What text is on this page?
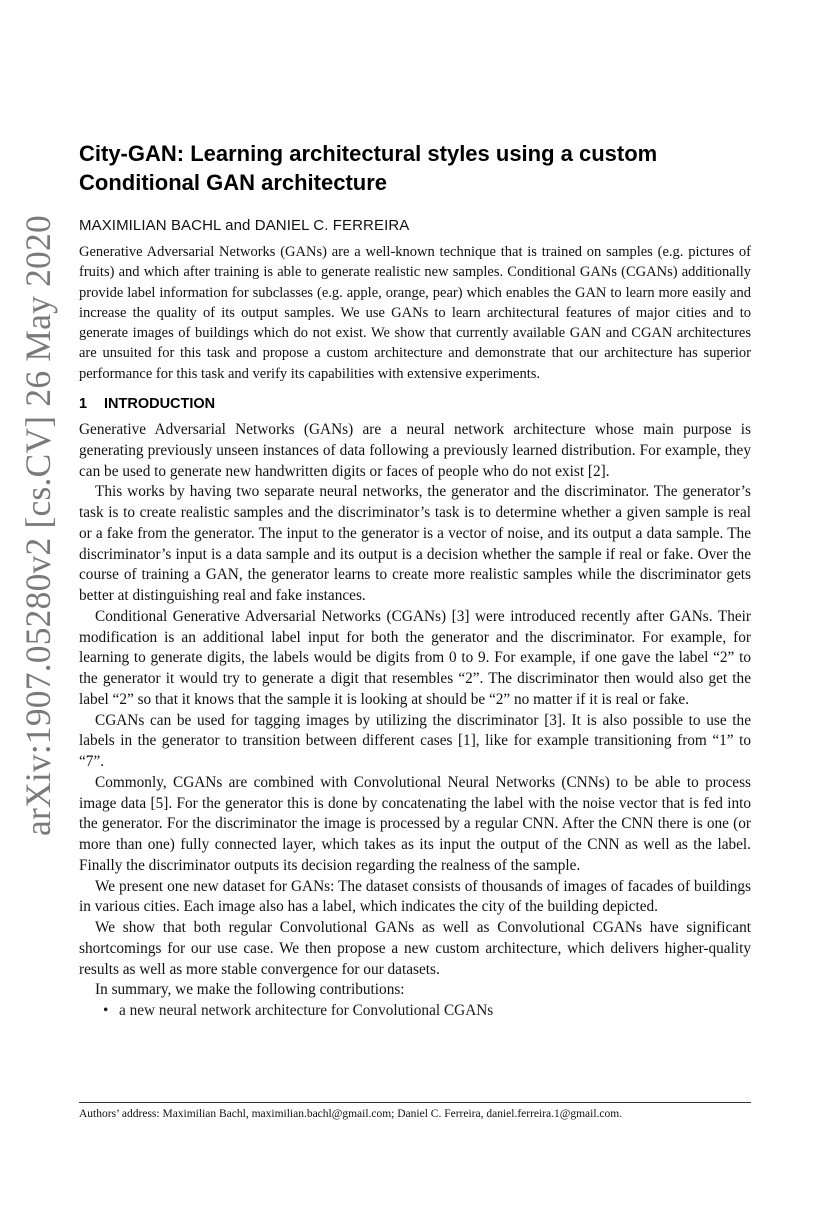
arXiv:1907.05280v2 [cs.CV] 26 May 2020
City-GAN: Learning architectural styles using a custom
Conditional GAN architecture

MAXIMILIAN BACHL and DANIEL C. FERREIRA

Generative Adversarial Networks (GANs) are a well-known technique that is trained on samples (e.g. pictures of fruits) and which after training is able to generate realistic new samples. Conditional GANs (CGANs) additionally provide label information for subclasses (e.g. apple, orange, pear) which enables the GAN to learn more easily and increase the quality of its output samples. We use GANs to learn architectural features of major cities and to generate images of buildings which do not exist. We show that currently available GAN and CGAN architectures are unsuited for this task and propose a custom architecture and demonstrate that our architecture has superior performance for this task and verify its capabilities with extensive experiments.

1 INTRODUCTION

Generative Adversarial Networks (GANs) are a neural network architecture whose main purpose is generating previously unseen instances of data following a previously learned distribution. For example, they can be used to generate new handwritten digits or faces of people who do not exist [2].

This works by having two separate neural networks, the generator and the discriminator. The generator’s task is to create realistic samples and the discriminator’s task is to determine whether a given sample is real or a fake from the generator. The input to the generator is a vector of noise, and its output a data sample. The discriminator’s input is a data sample and its output is a decision whether the sample if real or fake. Over the course of training a GAN, the generator learns to create more realistic samples while the discriminator gets better at distinguishing real and fake instances.

Conditional Generative Adversarial Networks (CGANs) [3] were introduced recently after GANs. Their modification is an additional label input for both the generator and the discriminator. For example, for learning to generate digits, the labels would be digits from 0 to 9. For example, if one gave the label “2” to the generator it would try to generate a digit that resembles “2”. The discriminator then would also get the label “2” so that it knows that the sample it is looking at should be “2” no matter if it is real or fake.

CGANs can be used for tagging images by utilizing the discriminator [3]. It is also possible to use the labels in the generator to transition between different cases [1], like for example transitioning from “1” to “7”.

Commonly, CGANs are combined with Convolutional Neural Networks (CNNs) to be able to process image data [5]. For the generator this is done by concatenating the label with the noise vector that is fed into the generator. For the discriminator the image is processed by a regular CNN. After the CNN there is one (or more than one) fully connected layer, which takes as its input the output of the CNN as well as the label. Finally the discriminator outputs its decision regarding the realness of the sample.

We present one new dataset for GANs: The dataset consists of thousands of images of facades of buildings in various cities. Each image also has a label, which indicates the city of the building depicted.

We show that both regular Convolutional GANs as well as Convolutional CGANs have significant shortcomings for our use case. We then propose a new custom architecture, which delivers higher-quality results as well as more stable convergence for our datasets.

In summary, we make the following contributions:

• a new neural network architecture for Convolutional CGANs

Authors’ address: Maximilian Bachl, maximilian.bachl@gmail.com; Daniel C. Ferreira, daniel.ferreira.1@gmail.com.
